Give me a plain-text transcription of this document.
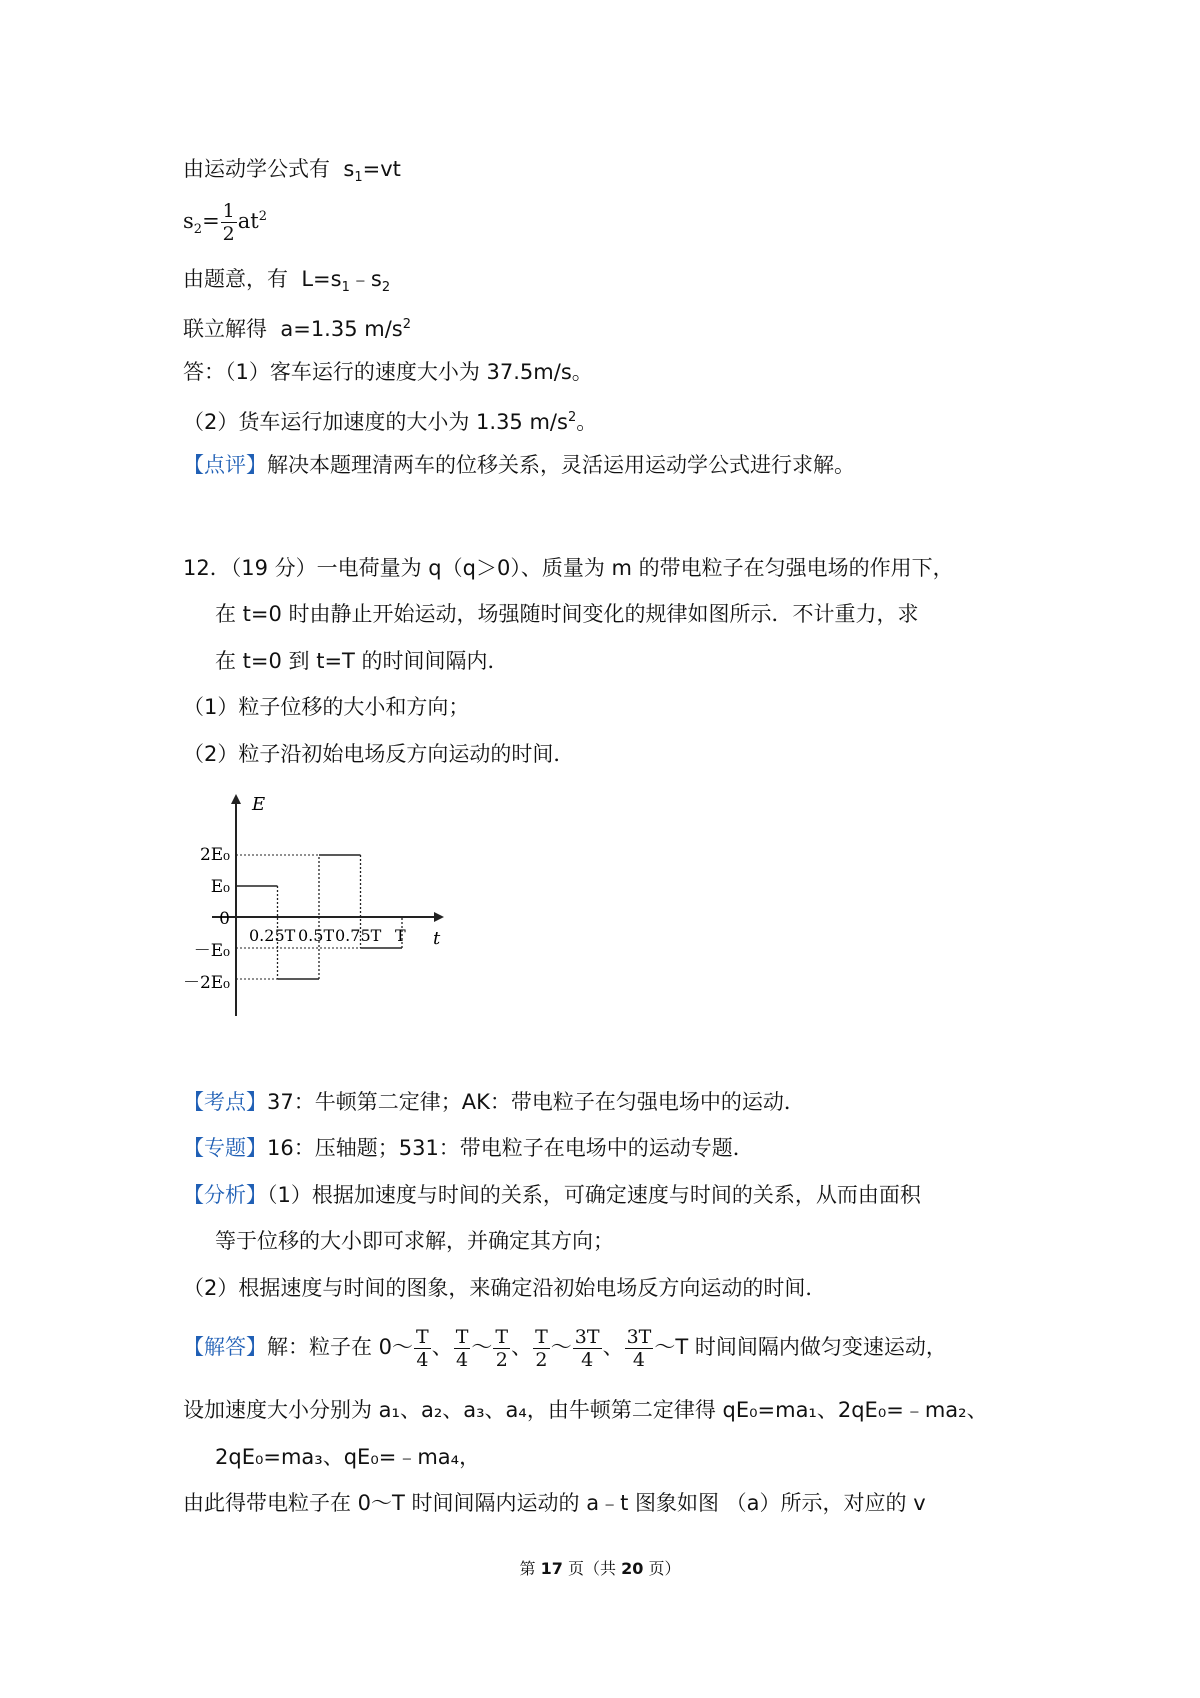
由运动学公式有 $s_1=vt$
$s_2= \frac{1}{2} at^2$
由题意，有 $L=s_1﹣s_2$
联立解得 a=1.35 $m/s^2$
答：（1）客车运行的速度大小为 37.5m/s。
（2）货车运行加速度的大小为 1.35 $m/s^2$。
【点评】解决本题理清两车的位移关系，灵活运用运动学公式进行求解。
12．（19 分）一电荷量为 q（q＞0）、质量为 m 的带电粒子在匀强电场的作用下，
在 t=0 时由静止开始运动，场强随时间变化的规律如图所示．不计重力，求
在 t=0 到 t=T 的时间间隔内．
（1）粒子位移的大小和方向；
（2）粒子沿初始电场反方向运动的时间．
E
t
2E₀
E₀
0
－E₀
－2E₀
0.25T 0.5T 0.75T T
【考点】37：牛顿第二定律；AK：带电粒子在匀强电场中的运动．
【专题】16：压轴题；531：带电粒子在电场中的运动专题．
【分析】（1）根据加速度与时间的关系，可确定速度与时间的关系，从而由面积
等于位移的大小即可求解，并确定其方向；
（2）根据速度与时间的图象，来确定沿初始电场反方向运动的时间．
【解答】解：粒子在 0～ $\frac{T}{4}$ 、 $\frac{T}{4}$ ～ $\frac{T}{2}$ 、 $\frac{T}{2}$ ～ $\frac{3T}{4}$ 、 $\frac{3T}{4}$ ～T 时间间隔内做匀变速运动，
设加速度大小分别为 a₁、a₂、a₃、a₄，由牛顿第二定律得 qE₀=ma₁、2qE₀=﹣ma₂、
2qE₀=ma₃、qE₀=﹣ma₄，
由此得带电粒子在 0～T 时间间隔内运动的 a﹣t 图象如图 （a）所示，对应的 v
第 17 页（共 20 页）
